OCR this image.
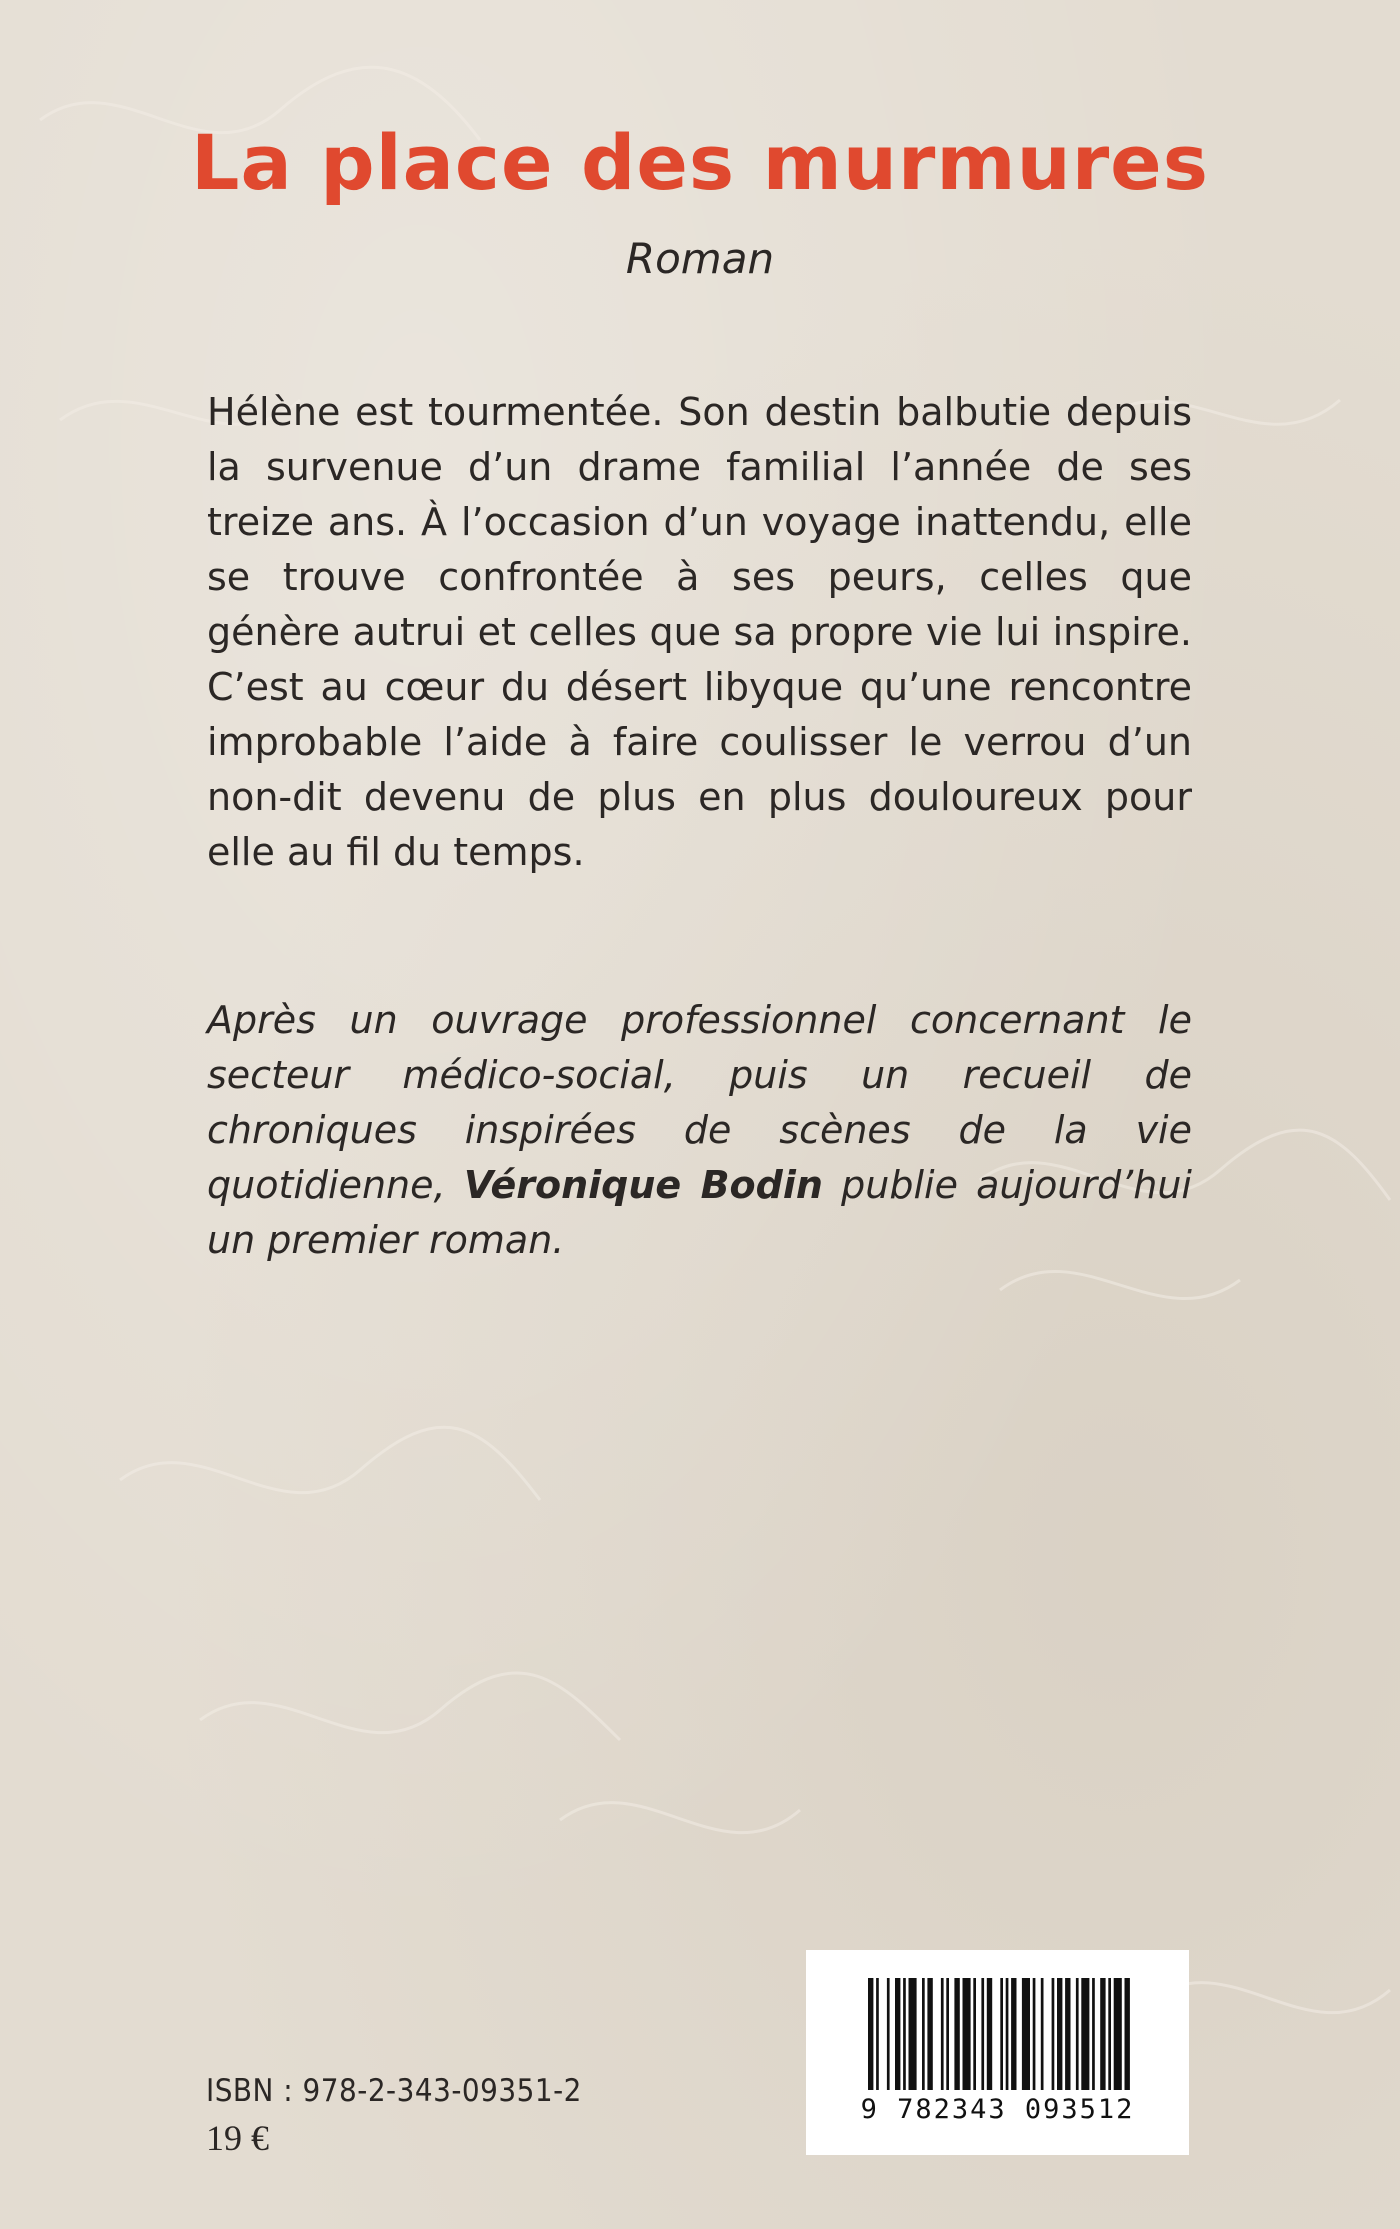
La place des murmures
Roman

Hélène est tourmentée. Son destin balbutie depuis la survenue d’un drame familial l’année de ses treize ans. À l’occasion d’un voyage inattendu, elle se trouve confrontée à ses peurs, celles que génère autrui et celles que sa propre vie lui inspire. C’est au cœur du désert libyque qu’une rencontre improbable l’aide à faire coulisser le verrou d’un non-dit devenu de plus en plus douloureux pour elle au fil du temps.

Après un ouvrage professionnel concernant le secteur médico-social, puis un recueil de chroniques inspirées de scènes de la vie quotidienne, Véronique Bodin publie aujourd’hui un premier roman.

ISBN : 978-2-343-09351-2
19 €
9 782343 093512
